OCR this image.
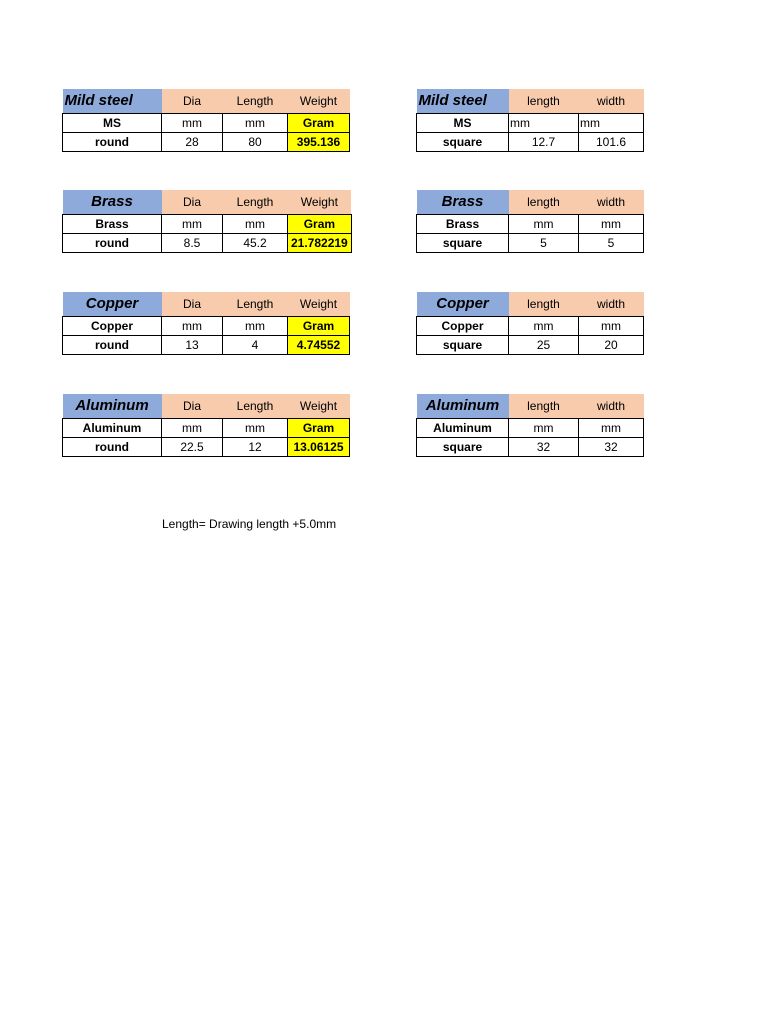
Mild steel	Dia	Length	Weight
MS	mm	mm	Gram
round	28	80	395.136
Brass	Dia	Length	Weight
Brass	mm	mm	Gram
round	8.5	45.2	21.782219
Copper	Dia	Length	Weight
Copper	mm	mm	Gram
round	13	4	4.74552
Aluminum	Dia	Length	Weight
Aluminum	mm	mm	Gram
round	22.5	12	13.06125
Mild steel	length	width
MS	mm	mm
square	12.7	101.6
Brass	length	width
Brass	mm	mm
square	5	5
Copper	length	width
Copper	mm	mm
square	25	20
Aluminum	length	width
Aluminum	mm	mm
square	32	32
Length= Drawing length +5.0mm
